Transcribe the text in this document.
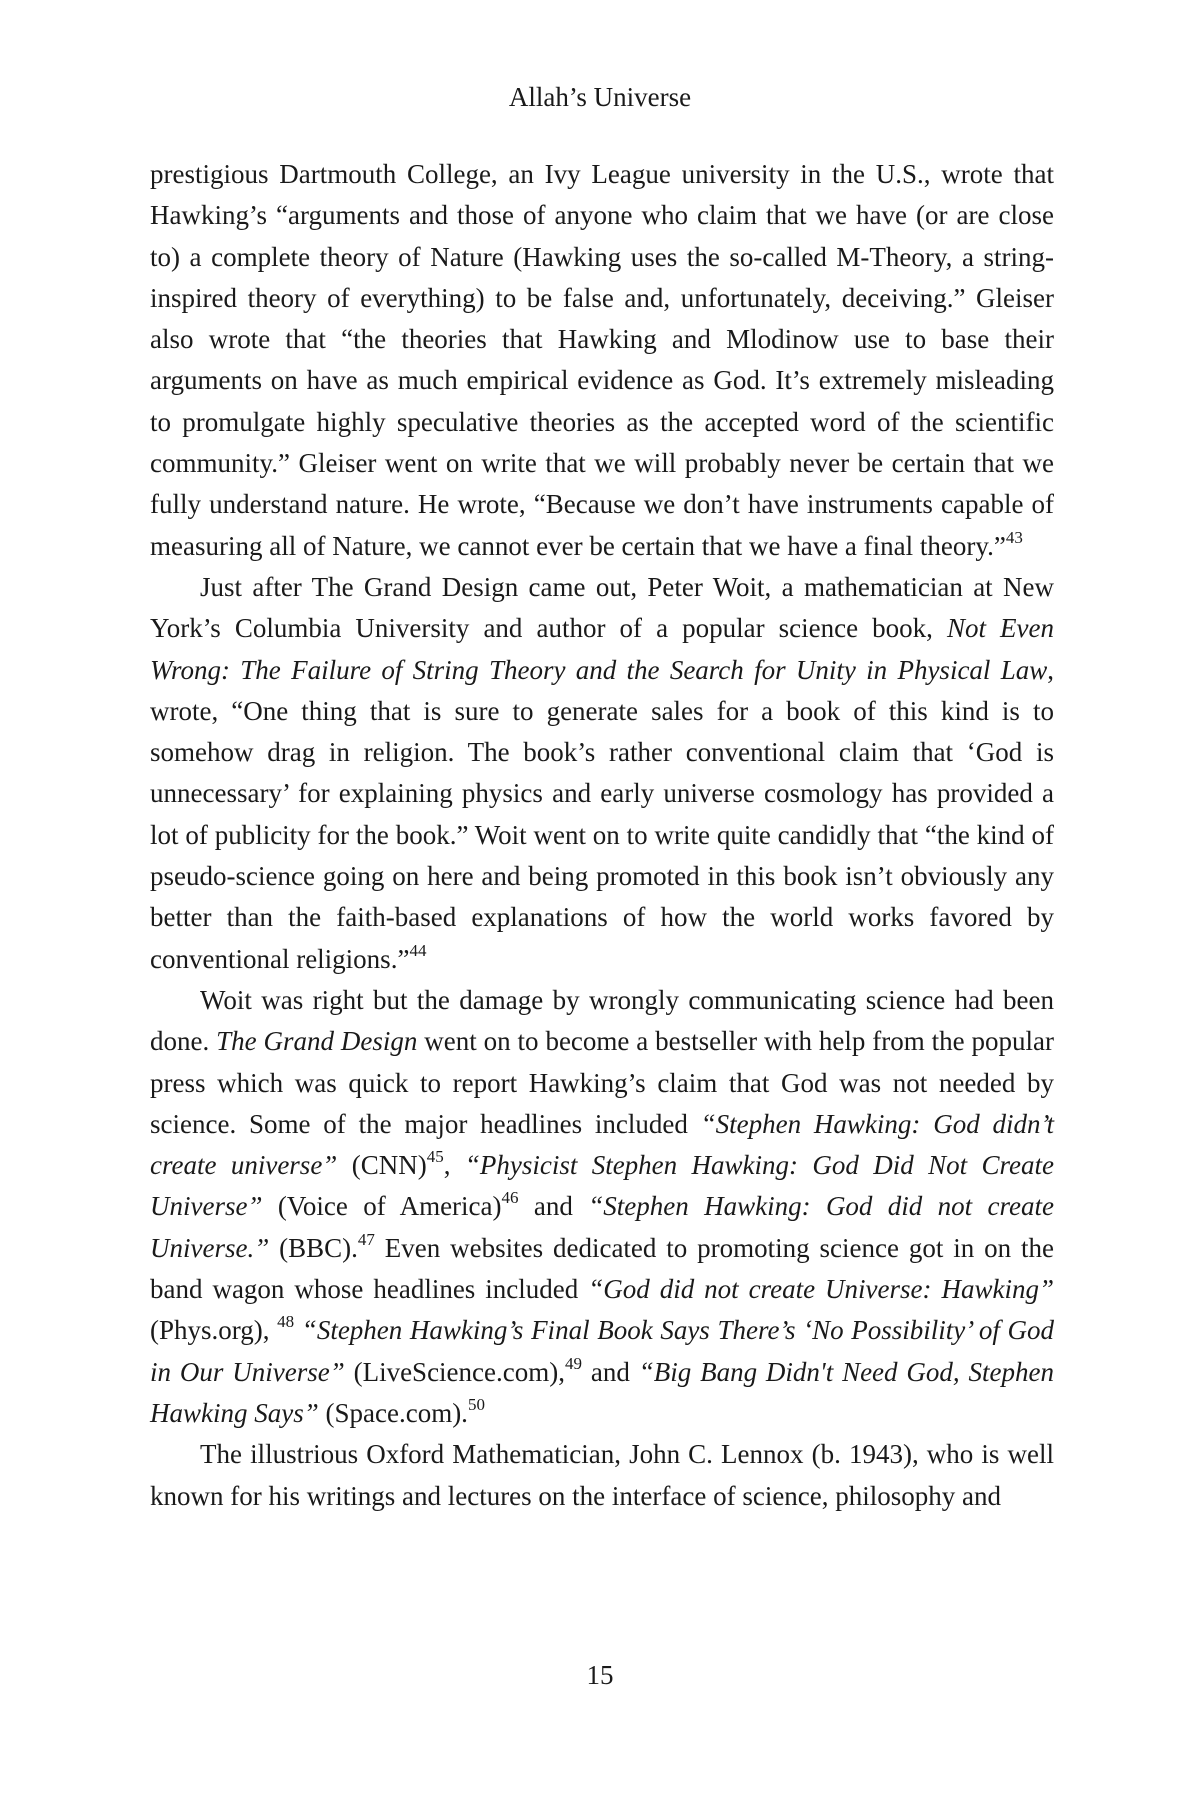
Allah’s Universe

prestigious Dartmouth College, an Ivy League university in the U.S., wrote that Hawking’s “arguments and those of anyone who claim that we have (or are close to) a complete theory of Nature (Hawking uses the so-called M-Theory, a string-inspired theory of everything) to be false and, unfortunately, deceiving.” Gleiser also wrote that “the theories that Hawking and Mlodinow use to base their arguments on have as much empirical evidence as God. It’s extremely misleading to promulgate highly speculative theories as the accepted word of the scientific community.” Gleiser went on write that we will probably never be certain that we fully understand nature. He wrote, “Because we don’t have instruments capable of measuring all of Nature, we cannot ever be certain that we have a final theory.”$^{43}$

Just after The Grand Design came out, Peter Woit, a mathematician at New York’s Columbia University and author of a popular science book, Not Even Wrong: The Failure of String Theory and the Search for Unity in Physical Law, wrote, “One thing that is sure to generate sales for a book of this kind is to somehow drag in religion. The book’s rather conventional claim that ‘God is unnecessary’ for explaining physics and early universe cosmology has provided a lot of publicity for the book.” Woit went on to write quite candidly that “the kind of pseudo-science going on here and being promoted in this book isn’t obviously any better than the faith-based explanations of how the world works favored by conventional religions.”$^{44}$

Woit was right but the damage by wrongly communicating science had been done. The Grand Design went on to become a bestseller with help from the popular press which was quick to report Hawking’s claim that God was not needed by science. Some of the major headlines included “Stephen Hawking: God didn’t create universe” (CNN)$^{45}$, “Physicist Stephen Hawking: God Did Not Create Universe” (Voice of America)$^{46}$ and “Stephen Hawking: God did not create Universe.” (BBC).$^{47}$ Even websites dedicated to promoting science got in on the band wagon whose headlines included “God did not create Universe: Hawking” (Phys.org), $^{48}$ “Stephen Hawking’s Final Book Says There’s ‘No Possibility’ of God in Our Universe” (LiveScience.com),$^{49}$ and “Big Bang Didn't Need God, Stephen Hawking Says” (Space.com).$^{50}$

The illustrious Oxford Mathematician, John C. Lennox (b. 1943), who is well known for his writings and lectures on the interface of science, philosophy and

15
